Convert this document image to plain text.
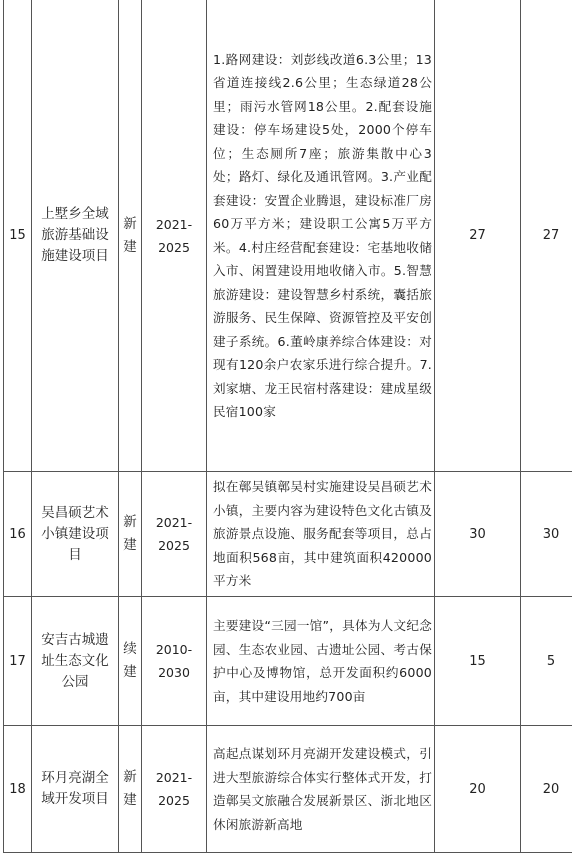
15	上墅乡全域旅游基础设施建设项目	新建	2021-2025	1.路网建设：刘彭线改道6.3公里；13省道连接线2.6公里；生态绿道28公里；雨污水管网18公里。2.配套设施建设：停车场建设5处，2000个停车位；生态厕所7座；旅游集散中心3处；路灯、绿化及通讯管网。3.产业配套建设：安置企业腾退，建设标准厂房60万平方米；建设职工公寓5万平方米。4.村庄经营配套建设：宅基地收储入市、闲置建设用地收储入市。5.智慧旅游建设：建设智慧乡村系统，囊括旅游服务、民生保障、资源管控及平安创建子系统。6.董岭康养综合体建设：对现有120余户农家乐进行综合提升。7.刘家塘、龙王民宿村落建设：建成星级民宿100家	27	27
16	吴昌硕艺术小镇建设项目	新建	2021-2025	拟在鄣吴镇鄣吴村实施建设吴昌硕艺术小镇，主要内容为建设特色文化古镇及旅游景点设施、服务配套等项目，总占地面积568亩，其中建筑面积420000平方米	30	30
17	安吉古城遗址生态文化公园	续建	2010-2030	主要建设“三园一馆”，具体为人文纪念园、生态农业园、古遗址公园、考古保护中心及博物馆，总开发面积约6000亩，其中建设用地约700亩	15	5
18	环月亮湖全域开发项目	新建	2021-2025	高起点谋划环月亮湖开发建设模式，引进大型旅游综合体实行整体式开发，打造鄣吴文旅融合发展新景区、浙北地区休闲旅游新高地	20	20
